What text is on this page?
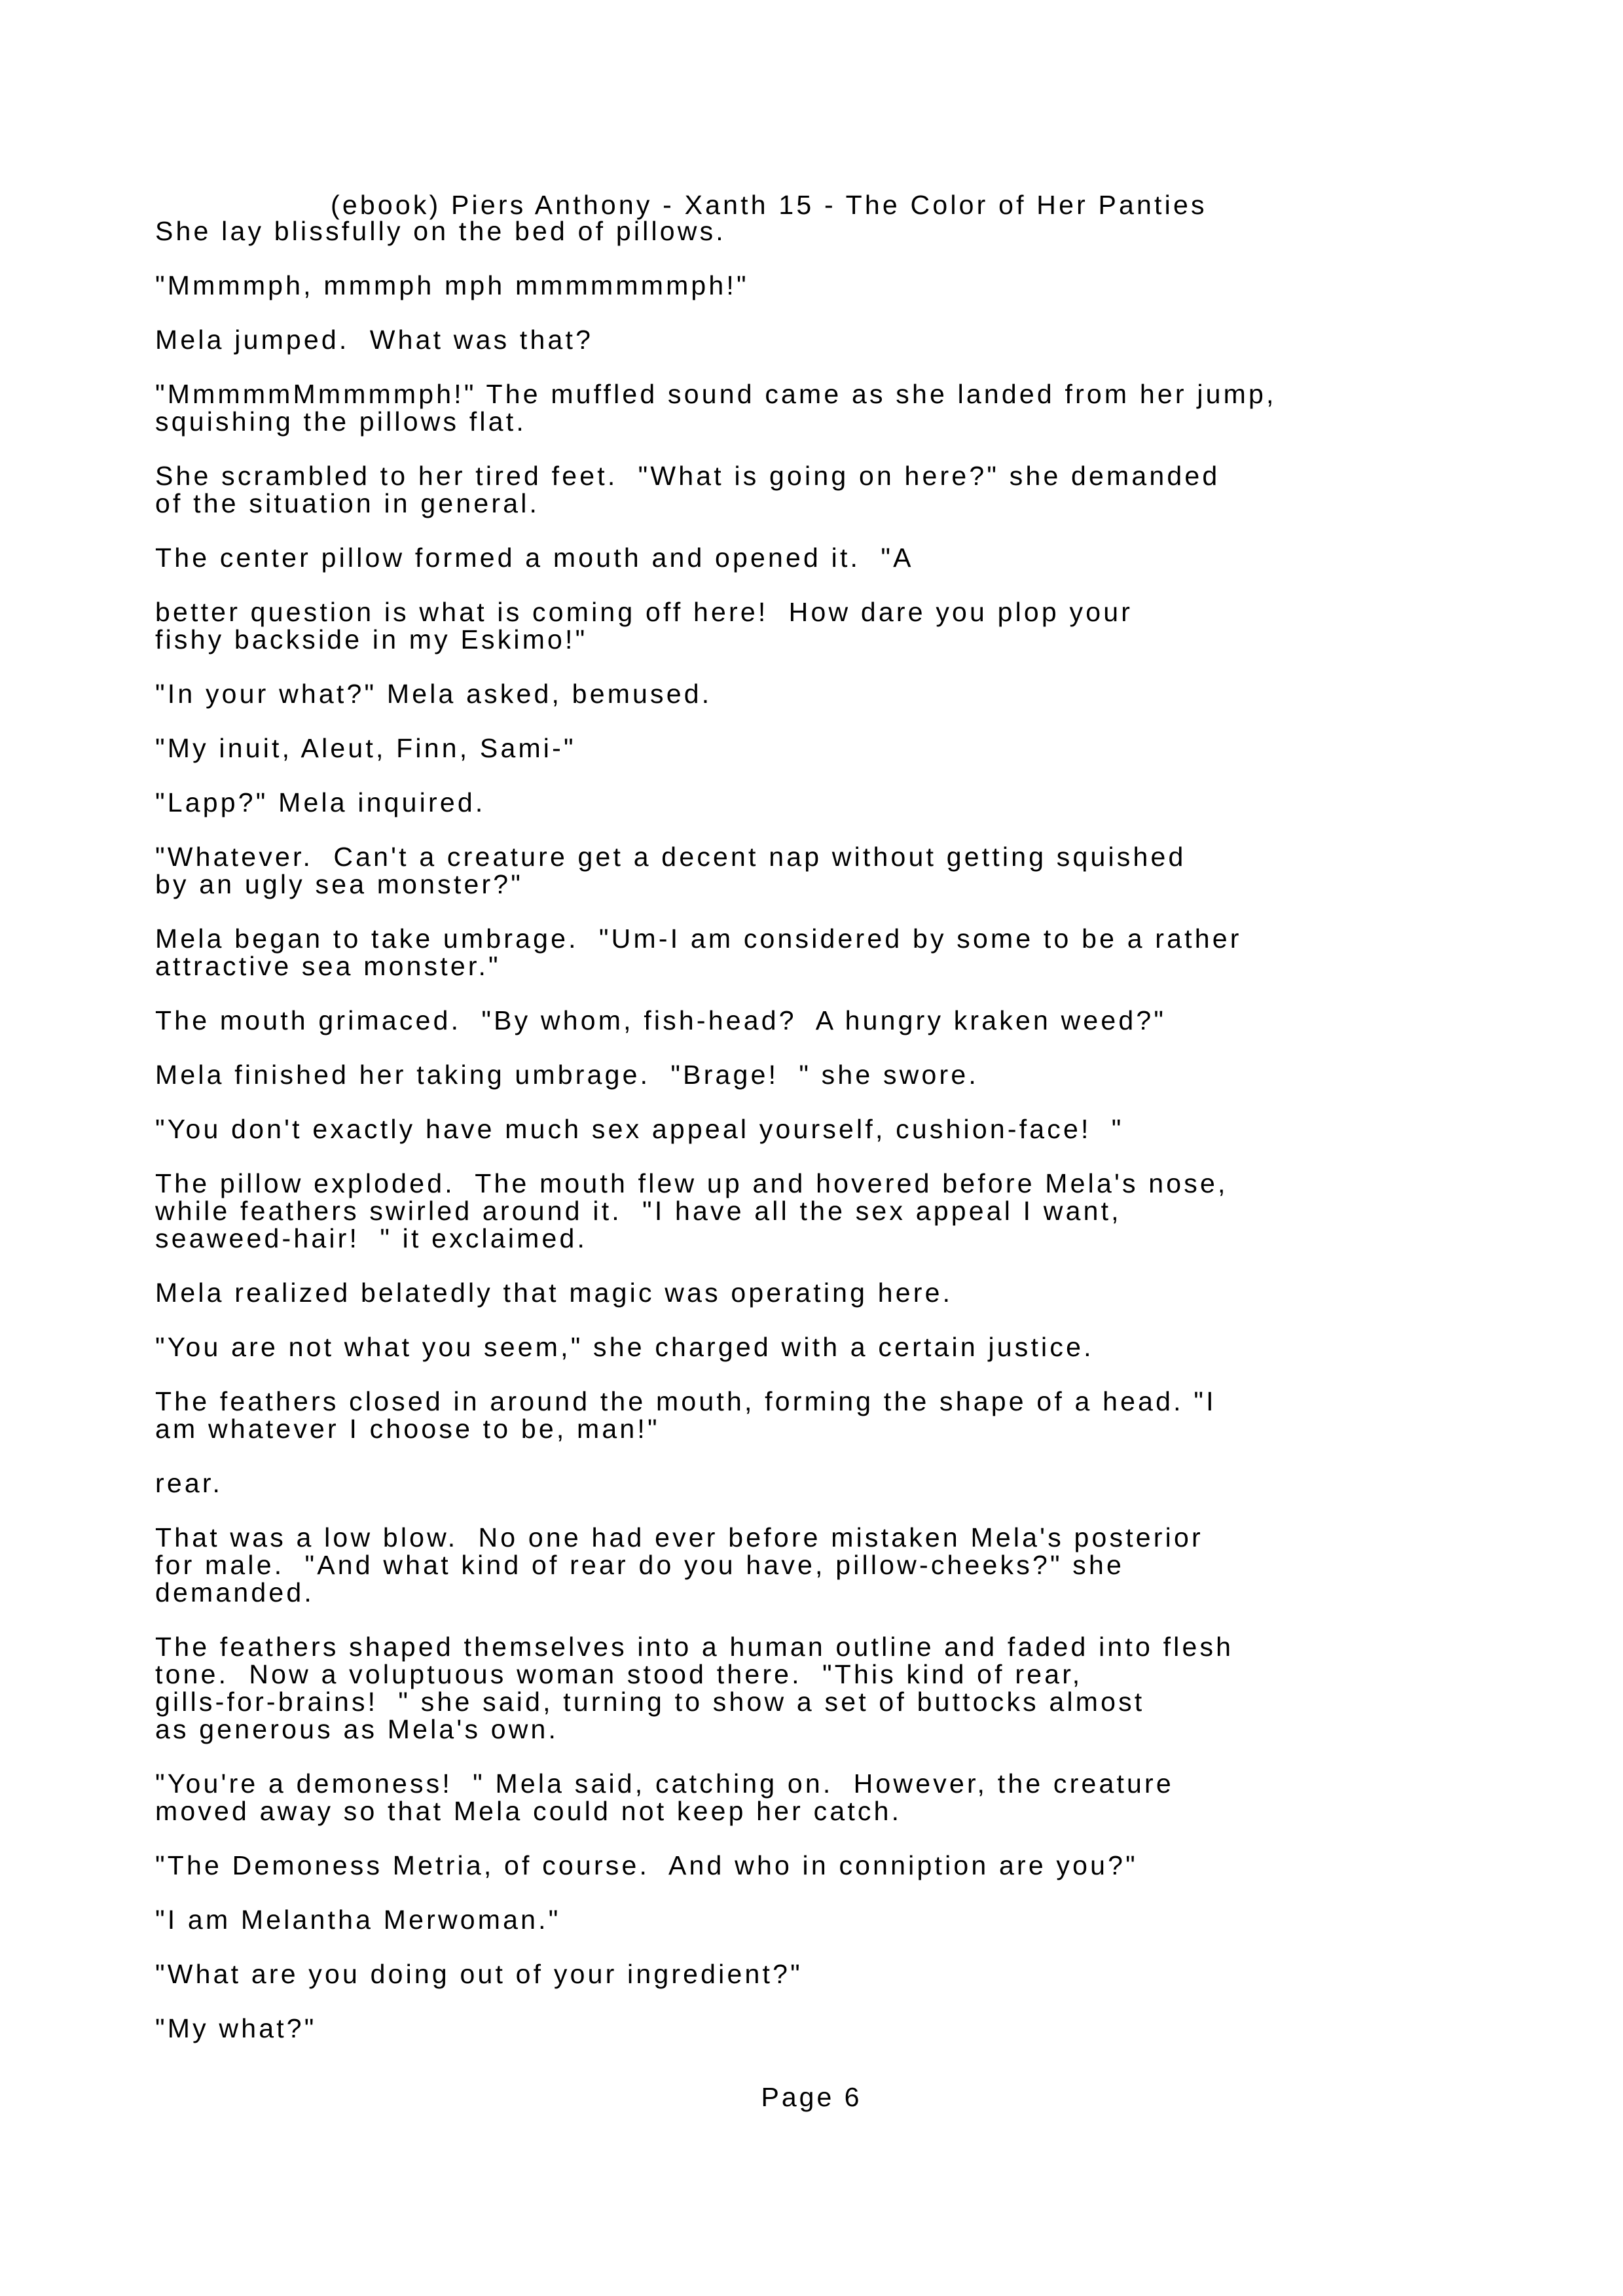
(ebook) Piers Anthony - Xanth 15 - The Color of Her Panties
She lay blissfully on the bed of pillows.
"Mmmmph, mmmph mph mmmmmmmph!"
Mela jumped.  What was that?
"MmmmmMmmmmph!" The muffled sound came as she landed from her jump,
squishing the pillows flat.
She scrambled to her tired feet.  "What is going on here?" she demanded
of the situation in general.
The center pillow formed a mouth and opened it.  "A
better question is what is coming off here!  How dare you plop your
fishy backside in my Eskimo!"
"In your what?" Mela asked, bemused.
"My inuit, Aleut, Finn, Sami-"
"Lapp?" Mela inquired.
"Whatever.  Can't a creature get a decent nap without getting squished
by an ugly sea monster?"
Mela began to take umbrage.  "Um-I am considered by some to be a rather
attractive sea monster."
The mouth grimaced.  "By whom, fish-head?  A hungry kraken weed?"
Mela finished her taking umbrage.  "Brage!  " she swore.
"You don't exactly have much sex appeal yourself, cushion-face!  "
The pillow exploded.  The mouth flew up and hovered before Mela's nose,
while feathers swirled around it.  "I have all the sex appeal I want,
seaweed-hair!  " it exclaimed.
Mela realized belatedly that magic was operating here.
"You are not what you seem," she charged with a certain justice.
The feathers closed in around the mouth, forming the shape of a head. "I
am whatever I choose to be, man!"
rear.
That was a low blow.  No one had ever before mistaken Mela's posterior
for male.  "And what kind of rear do you have, pillow-cheeks?" she
demanded.
The feathers shaped themselves into a human outline and faded into flesh
tone.  Now a voluptuous woman stood there.  "This kind of rear,
gills-for-brains!  " she said, turning to show a set of buttocks almost
as generous as Mela's own.
"You're a demoness!  " Mela said, catching on.  However, the creature
moved away so that Mela could not keep her catch.
"The Demoness Metria, of course.  And who in conniption are you?"
"I am Melantha Merwoman."
"What are you doing out of your ingredient?"
"My what?"
Page 6
